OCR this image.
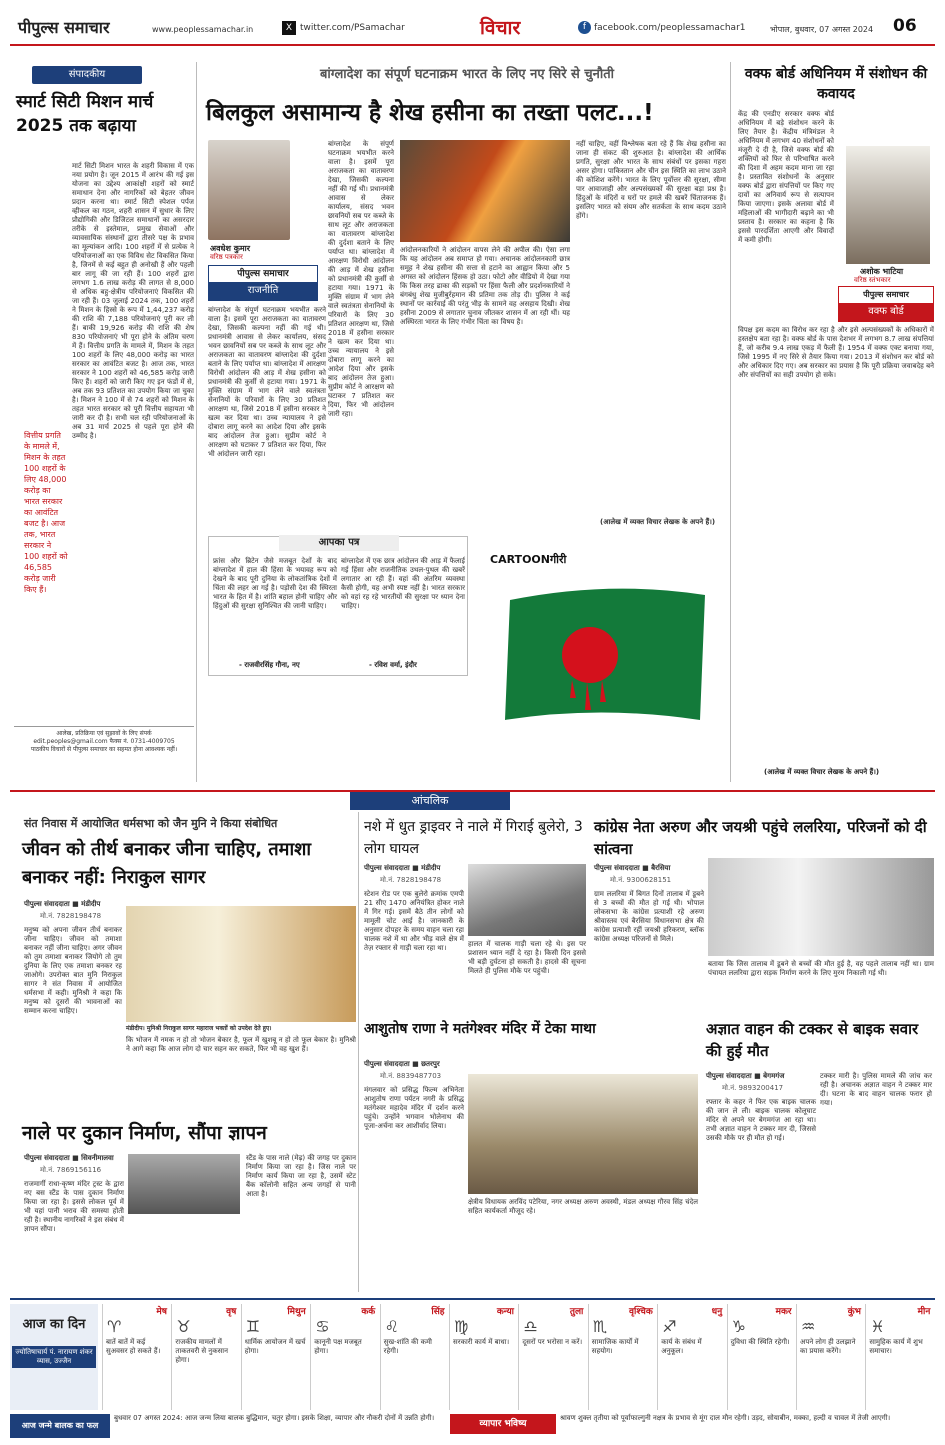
पीपुल्स समाचार	www.peoplessamachar.in	X twitter.com/PSamachar	विचार	f facebook.com/peoplessamachar1	भोपाल, बुधवार, 07 अगस्त 2024 06
संपादकीय
स्मार्ट सिटी मिशन मार्च 2025 तक बढ़ाया
मार्ट सिटी मिशन भारत के शहरी विकास में एक नया प्रयोग है। जून 2015 में आरंभ की गई इस योजना का उद्देश्य आकांक्षी शहरों को स्मार्ट समाधान देना और नागरिकों को बेहतर जीवन प्रदान करना था। स्मार्ट सिटी स्पेशल पर्पज व्हीकल का गठन, शहरी शासन में सुधार के लिए प्रौद्योगिकी और डिजिटल समाधानों का असरदार तरीके से इस्तेमाल, प्रमुख सेवाओं और व्यावसायिक संस्थानों द्वारा तीसरे पक्ष के प्रभाव का मूल्यांकन आदि। 100 शहरों में से प्रत्येक ने परियोजनाओं का एक विविध सेट विकसित किया है, जिनमें से कई बहुत ही अनोखी हैं और पहली बार लागू की जा रही हैं। 100 शहरों द्वारा लगभग 1.6 लाख करोड़ की लागत से 8,000 से अधिक बहु-क्षेत्रीय परियोजनाएं विकसित की जा रही हैं। 03 जुलाई 2024 तक, 100 शहरों ने मिशन के हिस्से के रूप में 1,44,237 करोड़ की राशि की 7,188 परियोजनाएं पूरी कर ली हैं। बाकी 19,926 करोड़ की राशि की शेष 830 परियोजनाएं भी पूरा होने के अंतिम चरण में हैं। वित्तीय प्रगति के मामले में, मिशन के तहत 100 शहरों के लिए 48,000 करोड़ का भारत सरकार का आवंटित बजट है। आज तक, भारत सरकार ने 100 शहरों को 46,585 करोड़ जारी किए हैं। शहरों को जारी किए गए इन फंडों में से, अब तक 93 प्रतिशत का उपयोग किया जा चुका है। मिशन ने 100 में से 74 शहरों को मिशन के तहत भारत सरकार को पूरी वित्तीय सहायता भी जारी कर दी है। सभी चल रही परियोजनाओं के अब 31 मार्च 2025 से पहले पूरा होने की उम्मीद है।
वित्तीय प्रगति के मामले में, मिशन के तहत 100 शहरों के लिए 48,000 करोड़ का भारत सरकार का आवंटित बजट है। आज तक, भारत सरकार ने 100 शहरों को 46,585 करोड़ जारी किए हैं।
आलेख, प्रतिक्रिया एवं सुझावों के लिए संपर्क
edit.peoples@gmail.com फैक्स नं. 0731-4009705
पाठकीय विचारों से पीपुल्स समाचार का सहमत होना आवश्यक नहीं।
बांग्लादेश का संपूर्ण घटनाक्रम भारत के लिए नए सिरे से चुनौती
बिलकुल असामान्य है शेख हसीना का तख्ता पलट...!
अवधेश कुमार
वरिष्ठ पत्रकार
पीपुल्स समाचार
राजनीति
बांग्लादेश के संपूर्ण घटनाक्रम भयभीत करने वाला है। इसमें पूरा अराजकता का वातावरण देखा, जिसकी कल्पना नहीं की गई थी। प्रधानमंत्री आवास से लेकर कार्यालय, संसद भवन छावनियों सब पर कब्जे के साथ लूट और अराजकता का वातावरण बांग्लादेश की दुर्दशा बताने के लिए पर्याप्त था। बांग्लादेश में आरक्षण विरोधी आंदोलन की आड़ में शेख हसीना को प्रधानमंत्री की कुर्सी से हटाया गया। 1971 के मुक्ति संग्राम में भाग लेने वाले स्वतंत्रता सेनानियों के परिवारों के लिए 30 प्रतिशत आरक्षण था, जिसे 2018 में हसीना सरकार ने खत्म कर दिया था। उच्च न्यायालय ने इसे दोबारा लागू करने का आदेश दिया और इसके बाद आंदोलन तेज हुआ। सुप्रीम कोर्ट ने आरक्षण को घटाकर 7 प्रतिशत कर दिया, फिर भी आंदोलन जारी रहा।
बांग्लादेश के संपूर्ण घटनाक्रम भयभीत करने वाला है। इसमें पूरा अराजकता का वातावरण देखा, जिसकी कल्पना नहीं की गई थी। प्रधानमंत्री आवास से लेकर कार्यालय, संसद भवन छावनियों सब पर कब्जे के साथ लूट और अराजकता का वातावरण बांग्लादेश की दुर्दशा बताने के लिए पर्याप्त था। बांग्लादेश में आरक्षण विरोधी आंदोलन की आड़ में शेख हसीना को प्रधानमंत्री की कुर्सी से हटाया गया। 1971 के मुक्ति संग्राम में भाग लेने वाले स्वतंत्रता सेनानियों के परिवारों के लिए 30 प्रतिशत आरक्षण था, जिसे 2018 में हसीना सरकार ने खत्म कर दिया था। उच्च न्यायालय ने इसे दोबारा लागू करने का आदेश दिया और इसके बाद आंदोलन तेज हुआ। सुप्रीम कोर्ट ने आरक्षण को घटाकर 7 प्रतिशत कर दिया, फिर भी आंदोलन जारी रहा।
आंदोलनकारियों ने आंदोलन वापस लेने की अपील की। ऐसा लगा कि यह आंदोलन अब समाप्त हो गया। अचानक आंदोलनकारी छात्र समूह ने शेख हसीना की सत्ता से हटाने का आह्वान किया और 5 अगस्त को आंदोलन हिंसक हो उठा। फोटो और वीडियो में देखा गया कि किस तरह ढाका की सड़कों पर हिंसा फैली और प्रदर्शनकारियों ने बंगबंधु शेख मुजीबुर्रहमान की प्रतिमा तक तोड़ दी। पुलिस ने कई स्थानों पर कार्रवाई की परंतु भीड़ के सामने वह असहाय दिखी। शेख हसीना 2009 से लगातार चुनाव जीतकर शासन में आ रही थीं। यह अस्थिरता भारत के लिए गंभीर चिंता का विषय है।
नहीं चाहिए, वहीं विश्लेषक बता रहे हैं कि शेख हसीना का जाना ही संकट की शुरुआत है। बांग्लादेश की आर्थिक प्रगति, सुरक्षा और भारत के साथ संबंधों पर इसका गहरा असर होगा। पाकिस्तान और चीन इस स्थिति का लाभ उठाने की कोशिश करेंगे। भारत के लिए पूर्वोत्तर की सुरक्षा, सीमा पार आवाजाही और अल्पसंख्यकों की सुरक्षा बड़ा प्रश्न है। हिंदुओं के मंदिरों व घरों पर हमले की खबरें चिंताजनक हैं। इसलिए भारत को संयम और सतर्कता के साथ कदम उठाने होंगे।
(आलेख में व्यक्त विचार लेखक के अपने हैं।)
आपका पत्र
फ्रांस और ब्रिटेन जैसे मजबूत देशों के बाद बांग्लादेश में हाल की हिंसा के भयावह रूप को देखने के बाद पूरी दुनिया के लोकतांत्रिक देशों में चिंता की लहर आ गई है। पड़ोसी देश की स्थिरता भारत के हित में है। शांति बहाल होनी चाहिए और हिंदुओं की सुरक्षा सुनिश्चित की जानी चाहिए।
- राजवीरसिंह गौना, नए
बांग्लादेश में एक छात्र आंदोलन की आड़ में फैलाई गई हिंसा और राजनीतिक उथल-पुथल की खबरें लगातार आ रही हैं। वहां की अंतरिम व्यवस्था कैसी होगी, यह अभी स्पष्ट नहीं है। भारत सरकार को वहां रह रहे भारतीयों की सुरक्षा पर ध्यान देना चाहिए।
- रविश वर्मा, इंदौर
CARTOONगीरी
वक्फ बोर्ड अधिनियम में संशोधन की कवायद
केंद्र की एनडीए सरकार वक्फ बोर्ड अधिनियम में बड़े संशोधन करने के लिए तैयार है। केंद्रीय मंत्रिमंडल ने अधिनियम में लगभग 40 संशोधनों को मंजूरी दे दी है, जिसे वक्फ बोर्ड की शक्तियों को फिर से परिभाषित करने की दिशा में अहम कदम माना जा रहा है। प्रस्तावित संशोधनों के अनुसार वक्फ बोर्ड द्वारा संपत्तियों पर किए गए दावों का अनिवार्य रूप से सत्यापन किया जाएगा। इसके अलावा बोर्ड में महिलाओं की भागीदारी बढ़ाने का भी प्रस्ताव है। सरकार का कहना है कि इससे पारदर्शिता आएगी और विवादों में कमी होगी।
अशोक भाटिया
वरिष्ठ स्तंभकार
पीपुल्स समाचार
वक्फ बोर्ड
विपक्ष इस कदम का विरोध कर रहा है और इसे अल्पसंख्यकों के अधिकारों में हस्तक्षेप बता रहा है। वक्फ बोर्ड के पास देशभर में लगभग 8.7 लाख संपत्तियां हैं, जो करीब 9.4 लाख एकड़ में फैली हैं। 1954 में वक्फ एक्ट बनाया गया, जिसे 1995 में नए सिरे से तैयार किया गया। 2013 में संशोधन कर बोर्ड को और अधिकार दिए गए। अब सरकार का प्रयास है कि पूरी प्रक्रिया जवाबदेह बने और संपत्तियों का सही उपयोग हो सके।
(आलेख में व्यक्त विचार लेखक के अपने हैं।)
आंचलिक
संत निवास में आयोजित धर्मसभा को जैन मुनि ने किया संबोधित
जीवन को तीर्थ बनाकर जीना चाहिए, तमाशा बनाकर नहीं: निराकुल सागर
पीपुल्स संवाददाता ■ मंडीदीप
मो.नं. 7828198478
मनुष्य को अपना जीवन तीर्थ बनाकर जीना चाहिए। जीवन को तमाशा बनाकर नहीं जीना चाहिए। अगर जीवन को तुम तमाशा बनाकर जियोगे तो तुम दुनिया के लिए एक तमाशा बनकर रह जाओगे। उपरोक्त बात मुनि निराकुल सागर ने संत निवास में आयोजित धर्मसभा में कही। मुनिश्री ने कहा कि मनुष्य को दूसरों की भावनाओं का सम्मान करना चाहिए।
मंडीदीप। मुनिश्री निराकुल सागर महाराज भक्तों को उपदेश देते हुए।
कि भोजन में नमक न हो तो भोजन बेकार है, फूल में खुशबू न हो तो फूल बेकार है। मुनिश्री ने आगे कहा कि आज लोग दो चार सहन कर सकते, फिर भी वह खुश हैं।
नाले पर दुकान निर्माण, सौंपा ज्ञापन
पीपुल्स संवाददाता ■ सिवनीमालवा
मो.नं. 7869156116
राजमार्गी राधा-कृष्ण मंदिर ट्रस्ट के द्वारा नए बस स्टैंड के पास दुकान निर्माण किया जा रहा है। इससे लोकल पूर्व में भी यहां पानी भराव की समस्या होती रही है। स्थानीय नागरिकों ने इस संबंध में ज्ञापन सौंपा।
स्टैंड के पास नाले (मेढ़) की जगह पर दुकान निर्माण किया जा रहा है। जिस नाले पर निर्माण कार्य किया जा रहा है, उसमें स्टेट बैंक कॉलोनी सहित अन्य जगहों से पानी आता है।
नशे में धुत ड्राइवर ने नाले में गिराई बुलेरो, 3 लोग घायल
पीपुल्स संवाददाता ■ मंडीदीप
मो.नं. 7828198478
स्टेशन रोड पर एक बुलेरो क्रमांक एमपी 21 सीए 1470 अनियंत्रित होकर नाले में गिर गई। इसमें बैठे तीन लोगों को मामूली चोट आई है। जानकारी के अनुसार दोपहर के समय वाहन चला रहा चालक नशे में था और भीड़ वाले क्षेत्र में तेज़ रफ्तार से गाड़ी चला रहा था।	हालत में चालक गाड़ी चला रहे थे। इस पर प्रशासन ध्यान नहीं दे रहा है। किसी दिन इससे भी बड़ी दुर्घटना हो सकती है। हादसे की सूचना मिलते ही पुलिस मौके पर पहुंची।
कांग्रेस नेता अरुण और जयश्री पहुंचे ललरिया, परिजनों को दी सांत्वना
पीपुल्स संवाददाता ■ बैरसिया
मो.नं. 9300628151
ग्राम ललरिया में बिगत दिनों तालाब में डूबने से 3 बच्चों की मौत हो गई थी। भोपाल लोकसभा के कांग्रेस प्रत्याशी रहे अरुण श्रीवास्तव एवं बैरसिया विधानसभा क्षेत्र की कांग्रेस प्रत्याशी रहीं जयश्री हरिकरण, ब्लॉक कांग्रेस अध्यक्ष परिजनों से मिले।
बताया कि जिस तालाब में डूबने से बच्चों की मौत हुई है, वह पहले तालाब नहीं था। ग्राम पंचायत ललरिया द्वारा सड़क निर्माण करने के लिए मुरम निकाली गई थी।
आशुतोष राणा ने मतंगेश्वर मंदिर में टेका माथा
पीपुल्स संवाददाता ■ छतरपुर
मो.नं. 8839487703
मंगलवार को प्रसिद्ध फिल्म अभिनेता आशुतोष राणा पर्यटन नगरी के प्रसिद्ध मतंगेश्वर महादेव मंदिर में दर्शन करने पहुंचे। उन्होंने भगवान भोलेनाथ की पूजा-अर्चना कर आशीर्वाद लिया।
क्षेत्रीय विधायक अरविंद पटेरिया, नगर अध्यक्ष अरुण अवस्थी, मंडल अध्यक्ष गौरव सिंह चंदेल सहित कार्यकर्ता मौजूद रहे।
अज्ञात वाहन की टक्कर से बाइक सवार की हुई मौत
पीपुल्स संवाददाता ■ बेगमगंज
मो.नं. 9893200417
रफ्तार के कहर ने फिर एक बाइक चालक की जान ले ली। बाइक चालक कोलूघाट मंदिर से अपने घर बेगमगंज आ रहा था। तभी अज्ञात वाहन ने टक्कर मार दी, जिससे उसकी मौके पर ही मौत हो गई।
टक्कर मारी है। पुलिस मामले की जांच कर रही है। अचानक अज्ञात वाहन ने टक्कर मार दी। घटना के बाद वाहन चालक फरार हो गया।
आज का दिन
ज्योतिषाचार्य पं. नारायण शंकर व्यास, उज्जैन
मेष
♈
बातें बातें में कई सुअवसर हो सकते हैं।
वृष
♉
राजकीय मामलों में ताकतवरी से नुकसान होगा।
मिथुन
♊
धार्मिक आयोजन में खर्च होगा।
कर्क
♋
कानूनी पक्ष मजबूत होगा।
सिंह
♌
सुख-शांति की कमी रहेगी।
कन्या
♍
सरकारी कार्य में बाधा।
तुला
♎
दूसरों पर भरोसा न करें।
वृश्चिक
♏
सामाजिक कार्यों में सहयोग।
धनु
♐
कार्य के संबंध में अनुकूल।
मकर
♑
दुविधा की स्थिति रहेगी।
कुंभ
♒
अपने लोग ही उलझाने का प्रयास करेंगे।
मीन
♓
सामुहिक कार्य में शुभ समाचार।
आज जन्मे बालक का फल
बुधवार 07 अगस्त 2024: आज जन्म लिया बालक बुद्धिमान, चतुर होगा। इसके शिक्षा, व्यापार और नौकरी दोनों में उन्नति होगी।
व्यापार भविष्य
श्रावण शुक्ल तृतीया को पूर्वाफाल्गुनी नक्षत्र के प्रभाव से मूंग दाल मौन रहेगी। उड़द, सोयाबीन, मक्का, हल्दी व चावल में तेजी आएगी।
